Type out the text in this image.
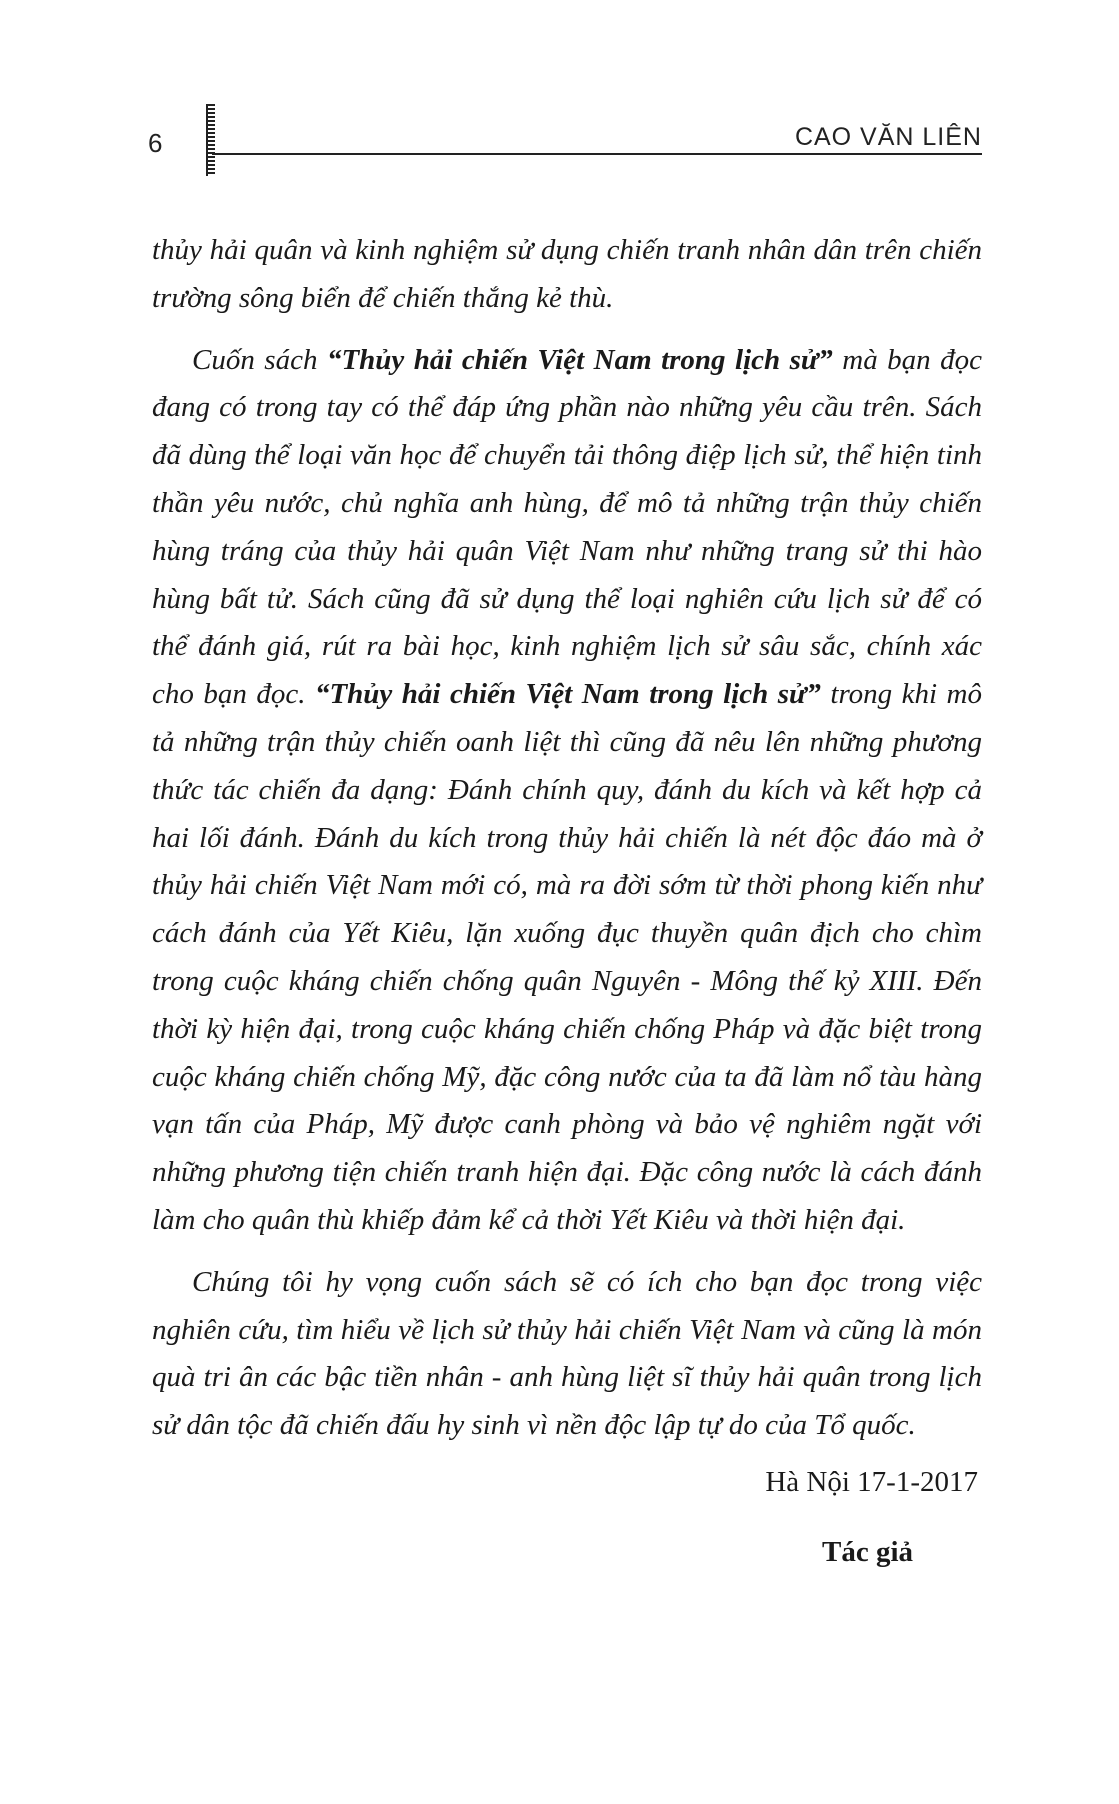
6	CAO VĂN LIÊN

thủy hải quân và kinh nghiệm sử dụng chiến tranh nhân dân trên chiến trường sông biển để chiến thắng kẻ thù.

Cuốn sách “Thủy hải chiến Việt Nam trong lịch sử” mà bạn đọc đang có trong tay có thể đáp ứng phần nào những yêu cầu trên. Sách đã dùng thể loại văn học để chuyển tải thông điệp lịch sử, thể hiện tinh thần yêu nước, chủ nghĩa anh hùng, để mô tả những trận thủy chiến hùng tráng của thủy hải quân Việt Nam như những trang sử thi hào hùng bất tử. Sách cũng đã sử dụng thể loại nghiên cứu lịch sử để có thể đánh giá, rút ra bài học, kinh nghiệm lịch sử sâu sắc, chính xác cho bạn đọc. “Thủy hải chiến Việt Nam trong lịch sử” trong khi mô tả những trận thủy chiến oanh liệt thì cũng đã nêu lên những phương thức tác chiến đa dạng: Đánh chính quy, đánh du kích và kết hợp cả hai lối đánh. Đánh du kích trong thủy hải chiến là nét độc đáo mà ở thủy hải chiến Việt Nam mới có, mà ra đời sớm từ thời phong kiến như cách đánh của Yết Kiêu, lặn xuống đục thuyền quân địch cho chìm trong cuộc kháng chiến chống quân Nguyên - Mông thế kỷ XIII. Đến thời kỳ hiện đại, trong cuộc kháng chiến chống Pháp và đặc biệt trong cuộc kháng chiến chống Mỹ, đặc công nước của ta đã làm nổ tàu hàng vạn tấn của Pháp, Mỹ được canh phòng và bảo vệ nghiêm ngặt với những phương tiện chiến tranh hiện đại. Đặc công nước là cách đánh làm cho quân thù khiếp đảm kể cả thời Yết Kiêu và thời hiện đại.

Chúng tôi hy vọng cuốn sách sẽ có ích cho bạn đọc trong việc nghiên cứu, tìm hiểu về lịch sử thủy hải chiến Việt Nam và cũng là món quà tri ân các bậc tiền nhân - anh hùng liệt sĩ thủy hải quân trong lịch sử dân tộc đã chiến đấu hy sinh vì nền độc lập tự do của Tổ quốc.

Hà Nội 17-1-2017
Tác giả
